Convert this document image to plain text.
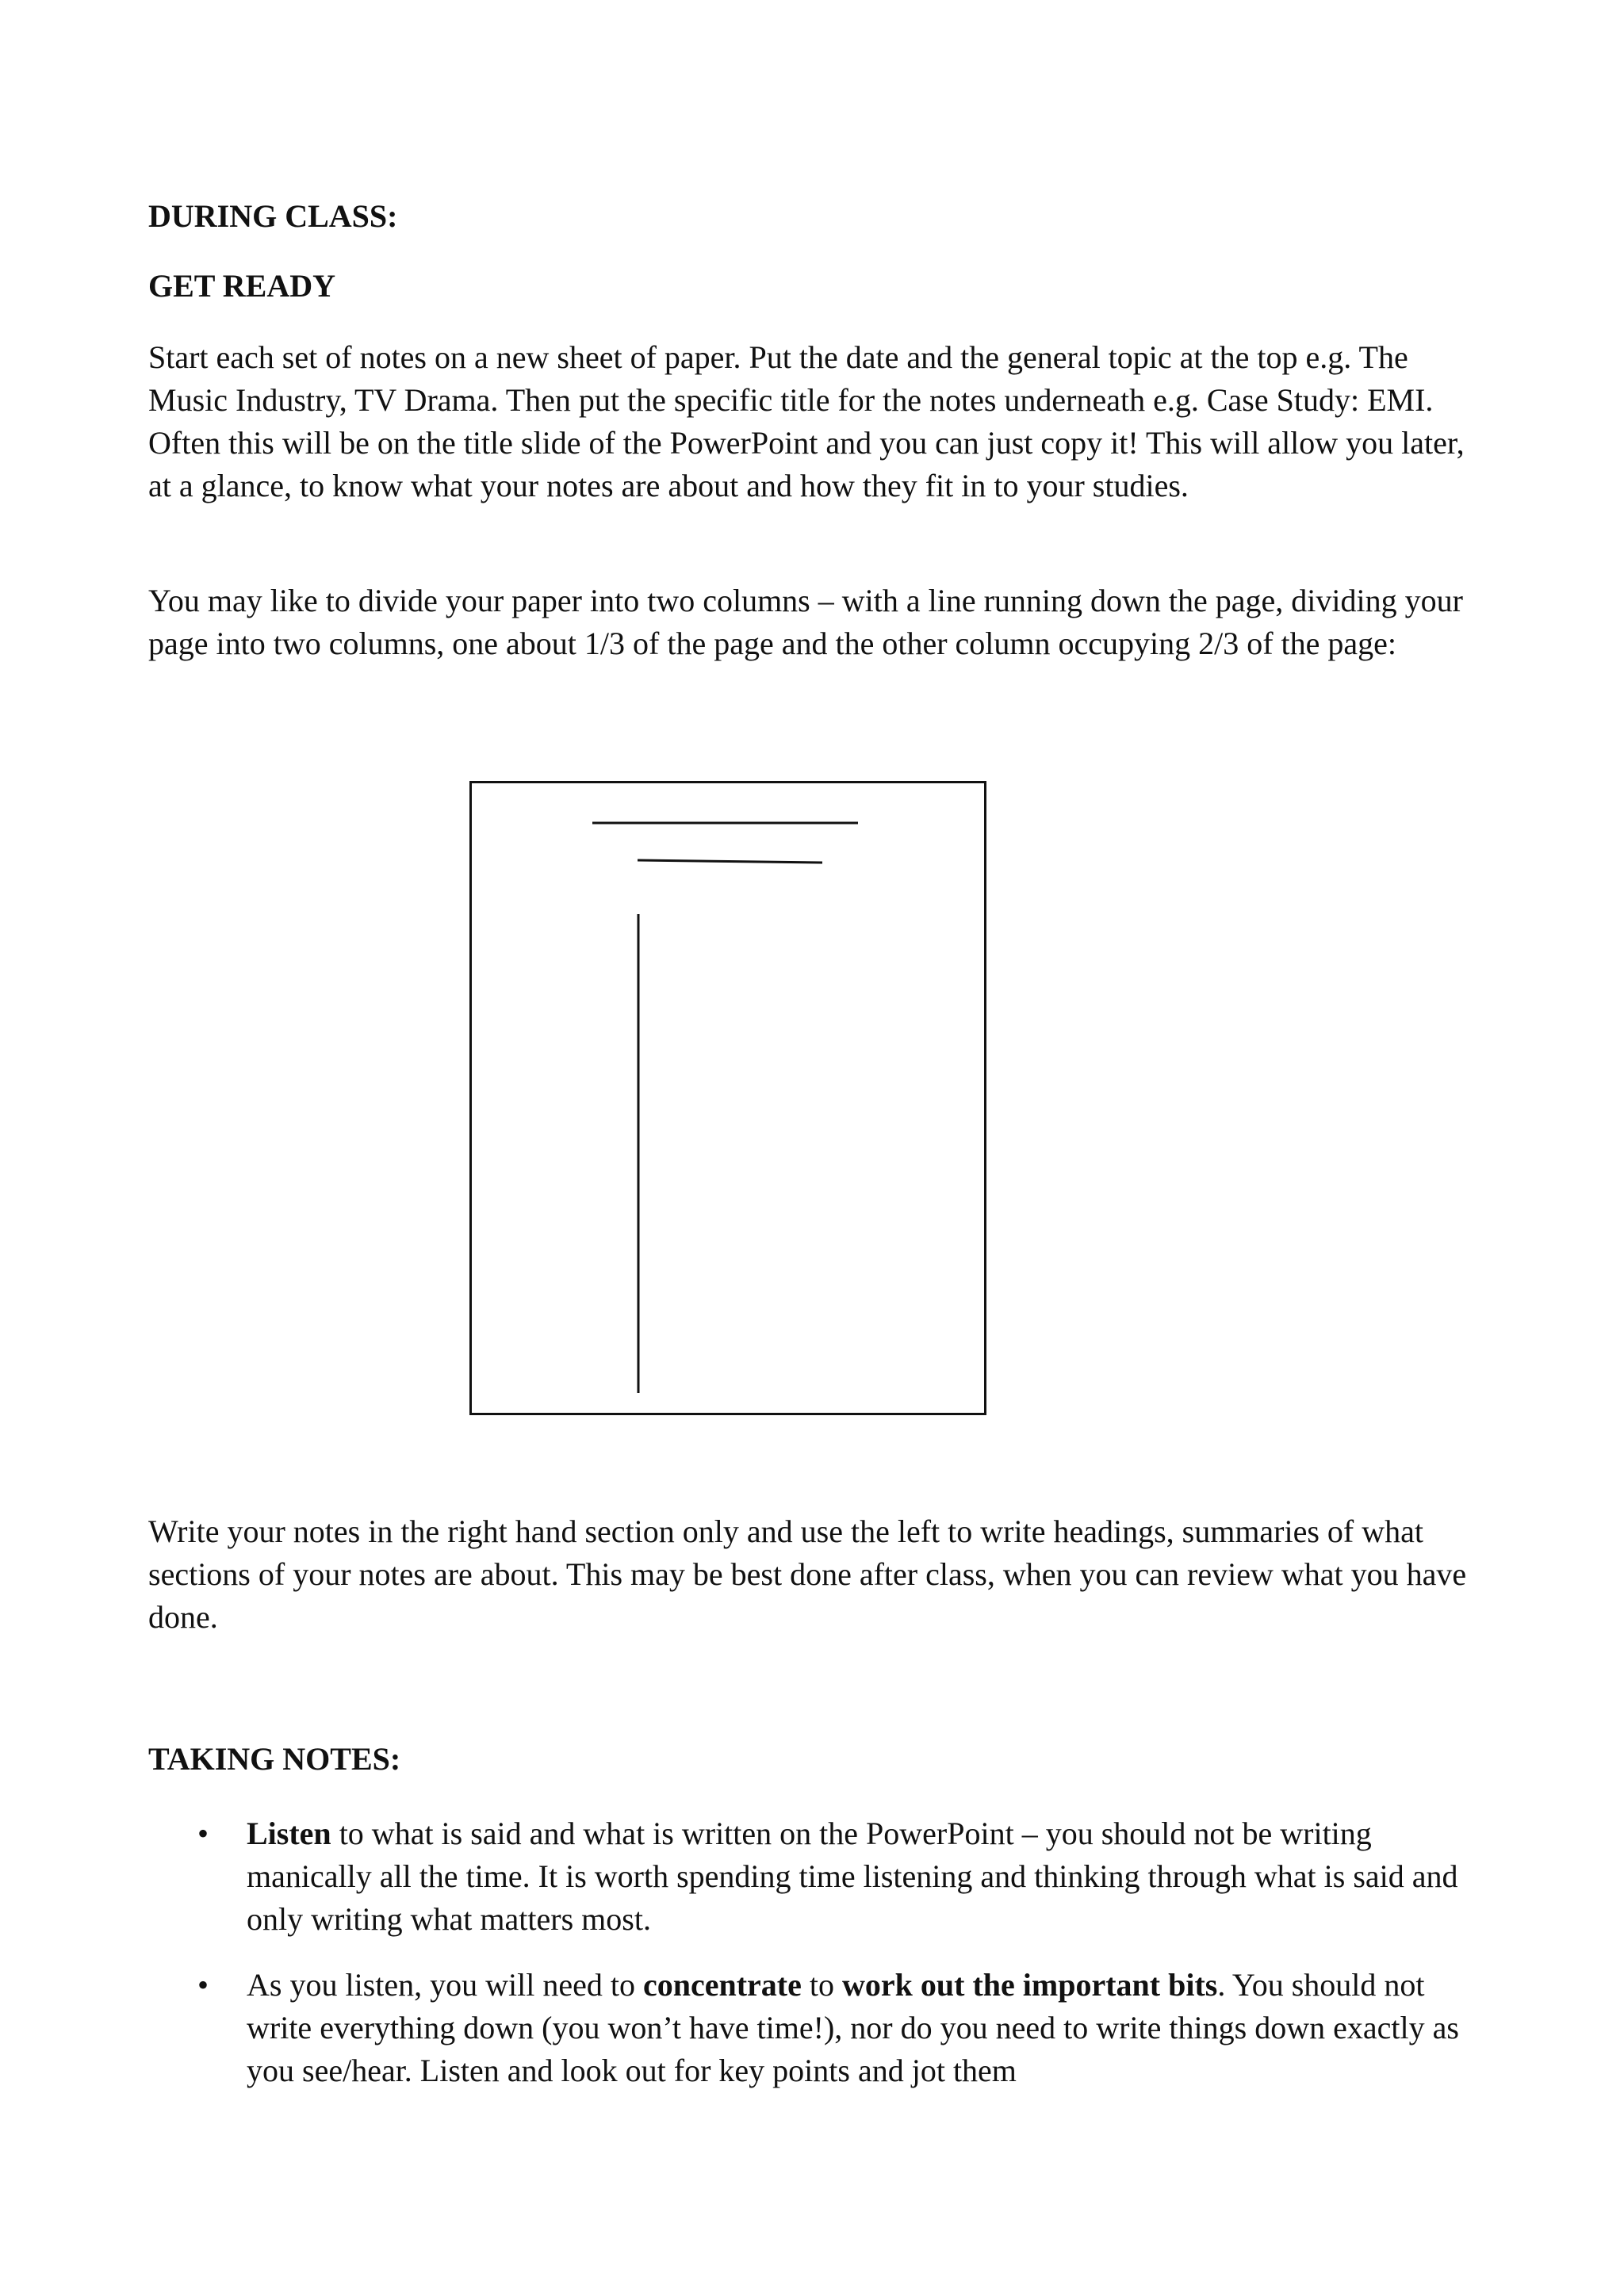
DURING CLASS:

GET READY

Start each set of notes on a new sheet of paper. Put the date and the general topic at the top e.g. The Music Industry, TV Drama. Then put the specific title for the notes underneath e.g. Case Study: EMI. Often this will be on the title slide of the PowerPoint and you can just copy it! This will allow you later, at a glance, to know what your notes are about and how they fit in to your studies.

You may like to divide your paper into two columns – with a line running down the page, dividing your page into two columns, one about 1/3 of the page and the other column occupying 2/3 of the page:

Write your notes in the right hand section only and use the left to write headings, summaries of what sections of your notes are about. This may be best done after class, when you can review what you have done.

TAKING NOTES:

• Listen to what is said and what is written on the PowerPoint – you should not be writing manically all the time. It is worth spending time listening and thinking through what is said and only writing what matters most.
• As you listen, you will need to concentrate to work out the important bits. You should not write everything down (you won’t have time!), nor do you need to write things down exactly as you see/hear. Listen and look out for key points and jot them
